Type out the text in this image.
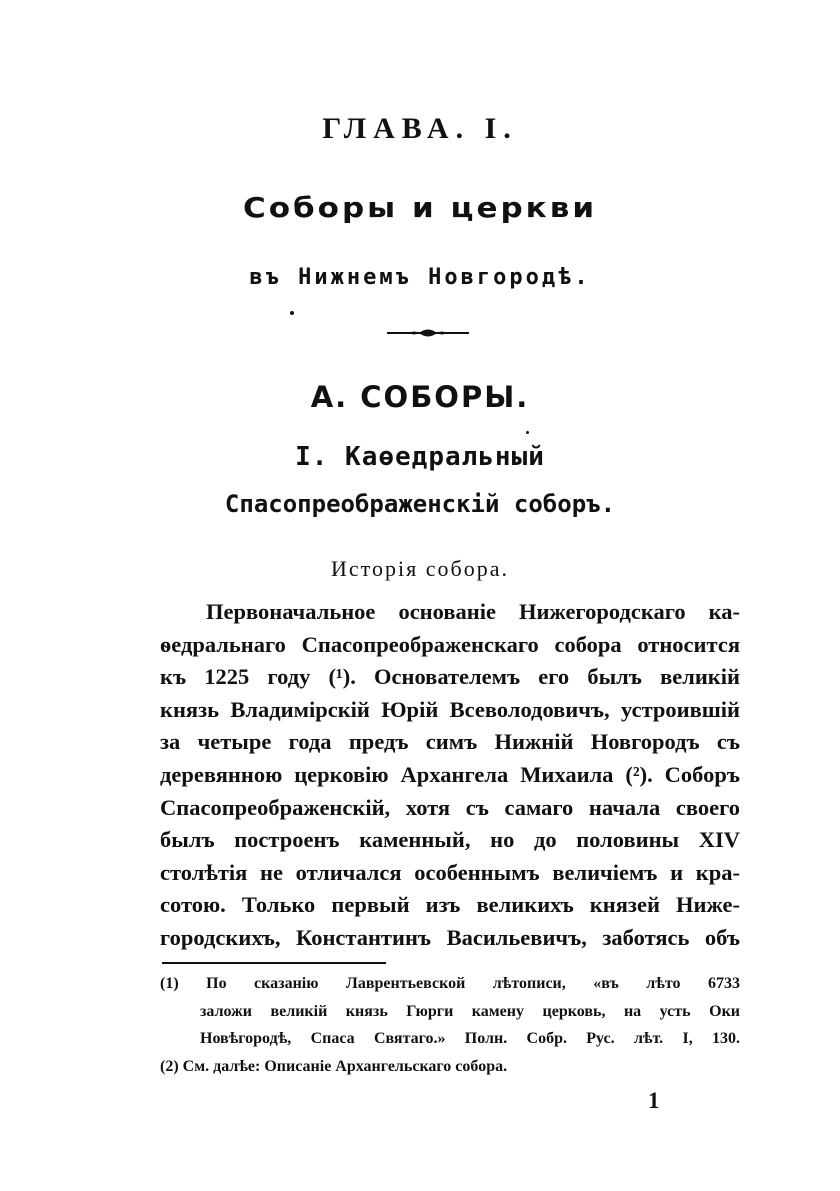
ГЛАВА. I.
Соборы и церкви
въ Нижнемъ Новгородѣ.
А. СОБОРЫ.
I. Каѳедральный
Спасопреображенскій соборъ.
Исторія собора.
Первоначальное основаніе Нижегородскаго ка-
ѳедральнаго Спасопреображенскаго собора относится
къ 1225 году (¹). Основателемъ его былъ великій
князь Владимірскій Юрій Всеволодовичъ, устроившій
за четыре года предъ симъ Нижній Новгородъ съ
деревянною церковію Архангела Михаила (²). Соборъ
Спасопреображенскій, хотя съ самаго начала своего
былъ построенъ каменный, но до половины XIV
столѣтія не отличался особеннымъ величіемъ и кра-
сотою. Только первый изъ великихъ князей Ниже-
городскихъ, Константинъ Васильевичъ, заботясь объ
(1) По сказанію Лаврентьевской лѣтописи, «въ лѣто 6733
заложи великій князь Гюрги камену церковь, на усть Оки
Новѣгородѣ, Спаса Святаго.» Полн. Собр. Рус. лѣт. I, 130.
(2) См. далѣе: Описаніе Архангельскаго собора.
1
